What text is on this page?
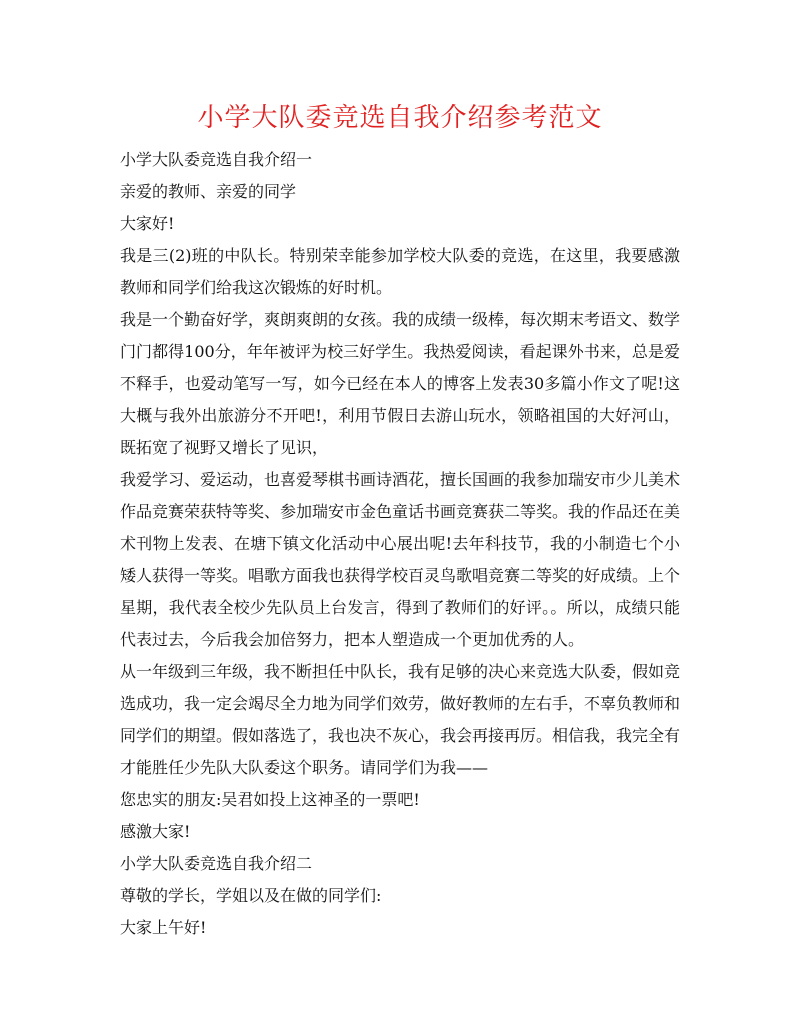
小学大队委竞选自我介绍参考范文

小学大队委竞选自我介绍一

亲爱的教师、亲爱的同学

大家好!

我是三(2)班的中队长。特别荣幸能参加学校大队委的竞选，在这里，我要感激教师和同学们给我这次锻炼的好时机。

我是一个勤奋好学，爽朗爽朗的女孩。我的成绩一级棒，每次期末考语文、数学门门都得100分，年年被评为校三好学生。我热爱阅读，看起课外书来，总是爱不释手，也爱动笔写一写，如今已经在本人的博客上发表30多篇小作文了呢!这大概与我外出旅游分不开吧!，利用节假日去游山玩水，领略祖国的大好河山，既拓宽了视野又增长了见识，

我爱学习、爱运动，也喜爱琴棋书画诗酒花，擅长国画的我参加瑞安市少儿美术作品竞赛荣获特等奖、参加瑞安市金色童话书画竞赛获二等奖。我的作品还在美术刊物上发表、在塘下镇文化活动中心展出呢!去年科技节，我的小制造七个小矮人获得一等奖。唱歌方面我也获得学校百灵鸟歌唱竞赛二等奖的好成绩。上个星期，我代表全校少先队员上台发言，得到了教师们的好评。。所以，成绩只能代表过去，今后我会加倍努力，把本人塑造成一个更加优秀的人。

从一年级到三年级，我不断担任中队长，我有足够的决心来竞选大队委，假如竞选成功，我一定会竭尽全力地为同学们效劳，做好教师的左右手，不辜负教师和同学们的期望。假如落选了，我也决不灰心，我会再接再厉。相信我，我完全有才能胜任少先队大队委这个职务。请同学们为我——

您忠实的朋友:吴君如投上这神圣的一票吧!

感激大家!

小学大队委竞选自我介绍二

尊敬的学长，学姐以及在做的同学们:

大家上午好!
